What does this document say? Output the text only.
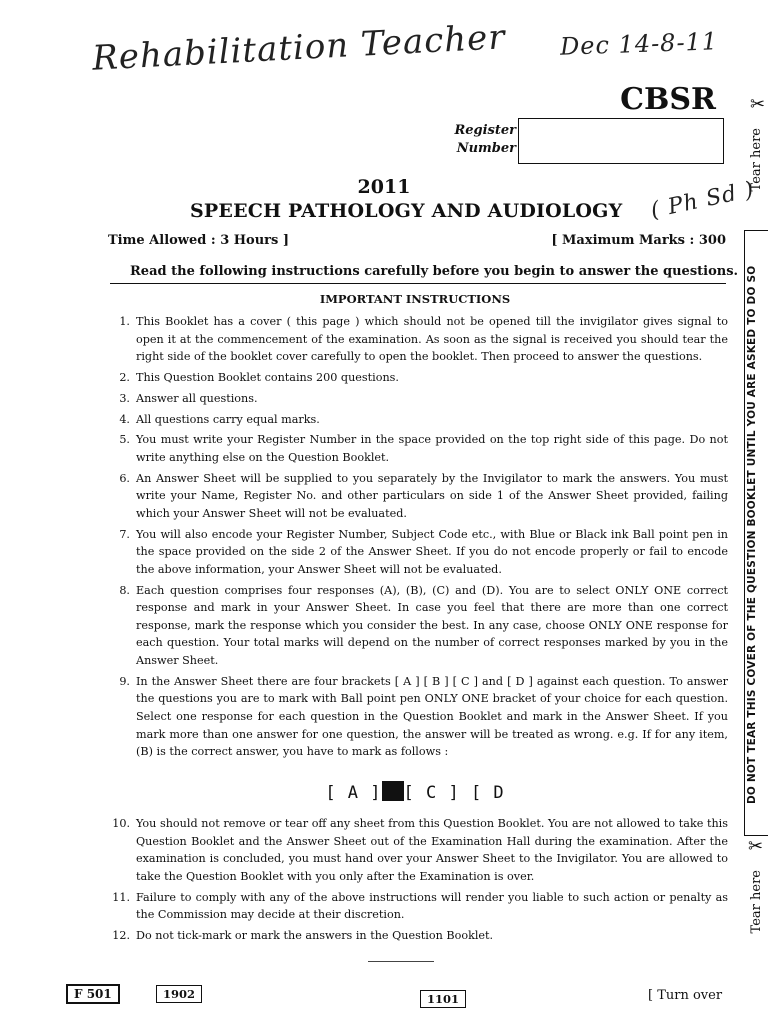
Rehabilitation Teacher Dec 14-8-11
( Ph Sd )
CBSR
Register
Number
2011
SPEECH PATHOLOGY AND AUDIOLOGY
Time Allowed : 3 Hours ]	[ Maximum Marks : 300
Read the following instructions carefully before you begin to answer the questions.
IMPORTANT INSTRUCTIONS
1. This Booklet has a cover ( this page ) which should not be opened till the invigilator gives signal to open it at the commencement of the examination. As soon as the signal is received you should tear the right side of the booklet cover carefully to open the booklet. Then proceed to answer the questions.
2. This Question Booklet contains 200 questions.
3. Answer all questions.
4. All questions carry equal marks.
5. You must write your Register Number in the space provided on the top right side of this page. Do not write anything else on the Question Booklet.
6. An Answer Sheet will be supplied to you separately by the Invigilator to mark the answers. You must write your Name, Register No. and other particulars on side 1 of the Answer Sheet provided, failing which your Answer Sheet will not be evaluated.
7. You will also encode your Register Number, Subject Code etc., with Blue or Black ink Ball point pen in the space provided on the side 2 of the Answer Sheet. If you do not encode properly or fail to encode the above information, your Answer Sheet will not be evaluated.
8. Each question comprises four responses (A), (B), (C) and (D). You are to select ONLY ONE correct response and mark in your Answer Sheet. In case you feel that there are more than one correct response, mark the response which you consider the best. In any case, choose ONLY ONE response for each question. Your total marks will depend on the number of correct responses marked by you in the Answer Sheet.
9. In the Answer Sheet there are four brackets [ A ] [ B ] [ C ] and [ D ] against each question. To answer the questions you are to mark with Ball point pen ONLY ONE bracket of your choice for each question. Select one response for each question in the Question Booklet and mark in the Answer Sheet. If you mark more than one answer for one question, the answer will be treated as wrong. e.g. If for any item, (B) is the correct answer, you have to mark as follows :
[ A ] [ C ] [ D
10. You should not remove or tear off any sheet from this Question Booklet. You are not allowed to take this Question Booklet and the Answer Sheet out of the Examination Hall during the examination. After the examination is concluded, you must hand over your Answer Sheet to the Invigilator. You are allowed to take the Question Booklet with you only after the Examination is over.
11. Failure to comply with any of the above instructions will render you liable to such action or penalty as the Commission may decide at their discretion.
12. Do not tick-mark or mark the answers in the Question Booklet.
F 501	1902	1101	[ Turn over
✂
Tear here
DO NOT TEAR THIS COVER OF THE QUESTION BOOKLET UNTIL YOU ARE ASKED TO DO SO
✂
Tear here
